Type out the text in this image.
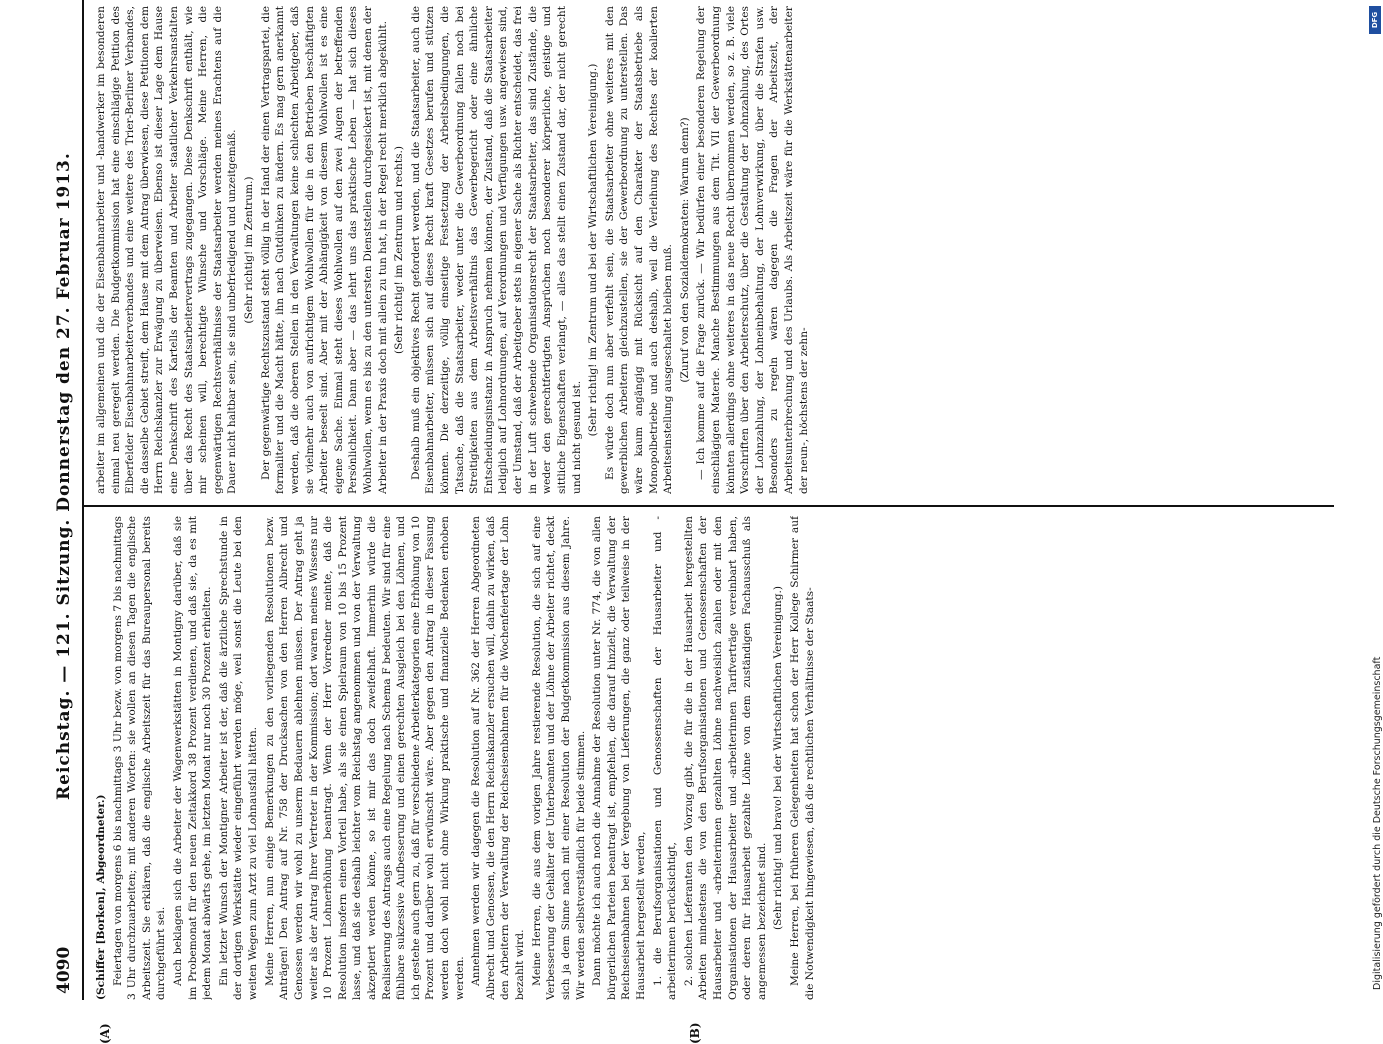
4090
Reichstag. — 121. Sitzung. Donnerstag den 27. Februar 1913.
(A)	(B)

(Schiffer [Borken], Abgeordneter.) Feiertagen von morgens 6 bis nachmittags 3 Uhr bezw. von morgens 7 bis nachmittags 3 Uhr durchzuarbeiten; mit anderen Worten: sie wollen an diesen Tagen die englische Arbeitszeit. Sie erklären, daß die englische Arbeitszeit für das Bureaupersonal bereits durchgeführt sei. Auch beklagen sich die Arbeiter der Wagenwerkstätten in Montigny darüber, daß sie im Probemonat für den neuen Zeitakkord 38 Prozent verdienen, und daß sie, da es mit jedem Monat abwärts gehe, im letzten Monat nur noch 30 Prozent erhielten. Ein letzter Wunsch der Montigner Arbeiter ist der, daß die ärztliche Sprechstunde in der dortigen Werkstätte wieder eingeführt werden möge, weil sonst die Leute bei den weiten Wegen zum Arzt zu viel Lohnausfall hätten. Meine Herren, nun einige Bemerkungen zu den vorliegenden Resolutionen bezw. Anträgen! Den Antrag auf Nr. 758 der Drucksachen von den Herren Albrecht und Genossen werden wir wohl zu unserm Bedauern ablehnen müssen. Der Antrag geht ja weiter als der Antrag Ihrer Vertreter in der Kommission; dort waren meines Wissens nur 10 Prozent Lohnerhöhung beantragt. Wenn der Herr Vorredner meinte, daß die Resolution insofern einen Vorteil habe, als sie einen Spielraum von 10 bis 15 Prozent lasse, und daß sie deshalb leichter vom Reichstag angenommen und von der Verwaltung akzeptiert werden könne, so ist mir das doch zweifelhaft. Immerhin würde die Realisierung des Antrags auch eine Regelung nach Schema F bedeuten. Wir sind für eine fühlbare sukzessive Aufbesserung und einen gerechten Ausgleich bei den Löhnen, und ich gestehe auch gern zu, daß für verschiedene Arbeiterkategorien eine Erhöhung von 10 Prozent und darüber wohl erwünscht wäre. Aber gegen den Antrag in dieser Fassung werden doch wohl nicht ohne Wirkung praktische und finanzielle Bedenken erhoben werden. Annehmen werden wir dagegen die Resolution auf Nr. 362 der Herren Abgeordneten Albrecht und Genossen, die den Herrn Reichskanzler ersuchen will, dahin zu wirken, daß den Arbeitern der Verwaltung der Reichseisenbahnen für die Wochenfeiertage der Lohn bezahlt wird. Meine Herren, die aus dem vorigen Jahre restierende Resolution, die sich auf eine Verbesserung der Gehälter der Unterbeamten und der Löhne der Arbeiter richtet, deckt sich ja dem Sinne nach mit einer Resolution der Budgetkommission aus diesem Jahre. Wir werden selbstverständlich für beide stimmen. Dann möchte ich auch noch die Annahme der Resolution unter Nr. 774, die von allen bürgerlichen Parteien beantragt ist, empfehlen, die darauf hinzielt, die Verwaltung der Reichseisenbahnen bei der Vergebung von Lieferungen, die ganz oder teilweise in der Hausarbeit hergestellt werden, 1. die Berufsorganisationen und Genossenschaften der Hausarbeiter und -arbeiterinnen berücksichtigt, 2. solchen Lieferanten den Vorzug gibt, die für die in der Hausarbeit hergestellten Arbeiten mindestens die von den Berufsorganisationen und Genossenschaften der Hausarbeiter und -arbeiterinnen gezahlten Löhne nachweislich zahlen oder mit den Organisationen der Hausarbeiter und -arbeiterinnen Tarifverträge vereinbart haben, oder deren für Hausarbeit gezahlte Löhne von dem zuständigen Fachausschuß als angemessen bezeichnet sind. (Sehr richtig! und bravo! bei der Wirtschaftlichen Vereinigung.) Meine Herren, bei früheren Gelegenheiten hat schon der Herr Kollege Schirmer auf die Notwendigkeit hingewiesen, daß die rechtlichen Verhältnisse der Staats-

arbeiter im allgemeinen und die der Eisenbahnarbeiter und -handwerker im besonderen einmal neu geregelt werden. Die Budgetkommission hat eine einschlägige Petition des Elberfelder Eisenbahnarbeiterverbandes und eine weitere des Trier-Berliner Verbandes, die dasselbe Gebiet streift, dem Hause mit dem Antrag überwiesen, diese Petitionen dem Herrn Reichskanzler zur Erwägung zu überweisen. Ebenso ist dieser Lage dem Hause eine Denkschrift des Kartells der Beamten und Arbeiter staatlicher Verkehrsanstalten über das Recht des Staatsarbeitervertrags zugegangen. Diese Denkschrift enthält, wie mir scheinen will, berechtigte Wünsche und Vorschläge. Meine Herren, die gegenwärtigen Rechtsverhältnisse der Staatsarbeiter werden meines Erachtens auf die Dauer nicht haltbar sein, sie sind unbefriedigend und unzeitgemäß. (Sehr richtig! im Zentrum.) Der gegenwärtige Rechtszustand steht völlig in der Hand der einen Vertragspartei, die formaliter und die Macht hätte, ihn nach Gutdünken zu ändern. Es mag gern anerkannt werden, daß die oberen Stellen in den Verwaltungen keine schlechten Arbeitgeber, daß sie vielmehr auch von aufrichtigem Wohlwollen für die in den Betrieben beschäftigten Arbeiter beseelt sind. Aber mit der Abhängigkeit von diesem Wohlwollen ist es eine eigene Sache. Einmal steht dieses Wohlwollen auf den zwei Augen der betreffenden Persönlichkeit. Dann aber — das lehrt uns das praktische Leben — hat sich dieses Wohlwollen, wenn es bis zu den untersten Dienststellen durchgesickert ist, mit denen der Arbeiter in der Praxis doch mit allein zu tun hat, in der Regel recht merklich abgekühlt. (Sehr richtig! im Zentrum und rechts.) Deshalb muß ein objektives Recht gefordert werden, und die Staatsarbeiter, auch die Eisenbahnarbeiter, müssen sich auf dieses Recht kraft Gesetzes berufen und stützen können. Die derzeitige, völlig einseitige Festsetzung der Arbeitsbedingungen, die Tatsache, daß die Staatsarbeiter, weder unter die Gewerbeordnung fallen noch bei Streitigkeiten aus dem Arbeitsverhältnis das Gewerbegericht oder eine ähnliche Entscheidungsinstanz in Anspruch nehmen können, der Zustand, daß die Staatsarbeiter lediglich auf Lohnordnungen, auf Verordnungen und Verfügungen usw. angewiesen sind, der Umstand, daß der Arbeitgeber stets in eigener Sache als Richter entscheidet, das frei in der Luft schwebende Organisationsrecht der Staatsarbeiter, das sind Zustände, die weder den gerechtfertigten Ansprüchen noch besonderer körperliche, geistige und sittliche Eigenschaften verlangt, — alles das stellt einen Zustand dar, der nicht gerecht und nicht gesund ist.

(Sehr richtig! im Zentrum und bei der Wirtschaftlichen Vereinigung.) Es würde doch nun aber verfehlt sein, die Staatsarbeiter ohne weiteres mit den gewerblichen Arbeitern gleichzustellen, sie der Gewerbeordnung zu unterstellen. Das wäre kaum angängig mit Rücksicht auf den Charakter der Staatsbetriebe als Monopolbetriebe und auch deshalb, weil die Verleihung des Rechtes der koalierten Arbeitseinstellung ausgeschaltet bleiben muß. (Zuruf von den Sozialdemokraten: Warum denn?) — Ich komme auf die Frage zurück. — Wir bedürfen einer besonderen Regelung der einschlägigen Materie. Manche Bestimmungen aus dem Tit. VII der Gewerbeordnung könnten allerdings ohne weiteres in das neue Recht übernommen werden, so z. B. viele Vorschriften über den Arbeiterschutz, über die Gestaltung der Lohnzahlung, des Ortes der Lohnzahlung, der Lohneinbehaltung, der Lohnverwirkung, über die Strafen usw. Besonders zu regeln wären dagegen die Fragen der Arbeitszeit, der Arbeitsunterbrechung und des Urlaubs. Als Arbeitszeit wäre für die Werkstättenarbeiter der neun-, höchstens der zehn-

Digitalisierung gefördert durch die Deutsche Forschungsgemeinschaft
DFG
